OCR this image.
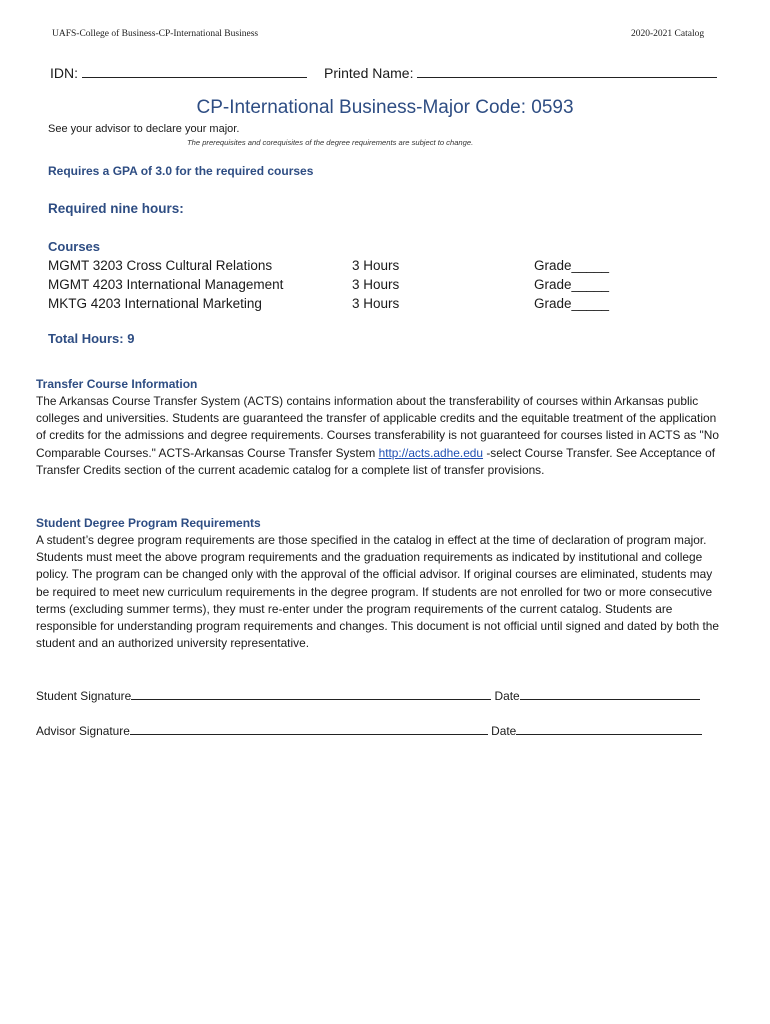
UAFS-College of Business-CP-International Business	2020-2021 Catalog
IDN:	Printed Name:
CP-International Business-Major Code: 0593
See your advisor to declare your major.
The prerequisites and corequisites of the degree requirements are subject to change.
Requires a GPA of 3.0 for the required courses
Required nine hours:
Courses
MGMT 3203 Cross Cultural Relations	3 Hours	Grade_____
MGMT 4203 International Management	3 Hours	Grade_____
MKTG 4203 International Marketing	3 Hours	Grade_____
Total Hours: 9
Transfer Course Information
The Arkansas Course Transfer System (ACTS) contains information about the transferability of courses within Arkansas public colleges and universities. Students are guaranteed the transfer of applicable credits and the equitable treatment of the application of credits for the admissions and degree requirements. Courses transferability is not guaranteed for courses listed in ACTS as "No Comparable Courses." ACTS-Arkansas Course Transfer System http://acts.adhe.edu -select Course Transfer. See Acceptance of Transfer Credits section of the current academic catalog for a complete list of transfer provisions.
Student Degree Program Requirements
A student’s degree program requirements are those specified in the catalog in effect at the time of declaration of program major. Students must meet the above program requirements and the graduation requirements as indicated by institutional and college policy. The program can be changed only with the approval of the official advisor. If original courses are eliminated, students may be required to meet new curriculum requirements in the degree program. If students are not enrolled for two or more consecutive terms (excluding summer terms), they must re-enter under the program requirements of the current catalog. Students are responsible for understanding program requirements and changes. This document is not official until signed and dated by both the student and an authorized university representative.
Student Signature	Date
Advisor Signature	Date
